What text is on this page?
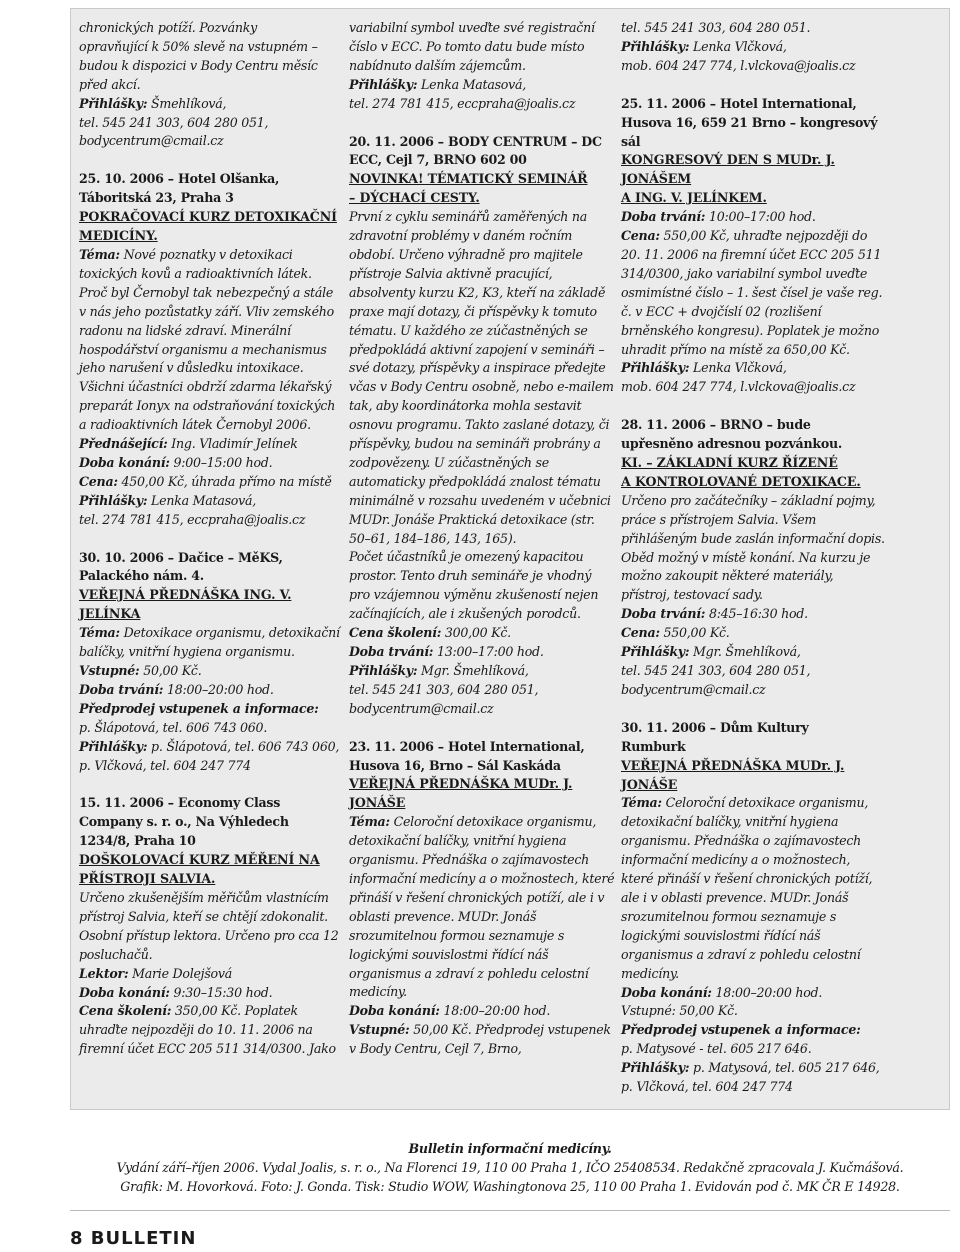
chronických potíží. Pozvánky
opravňující k 50% slevě na vstupném –
budou k dispozici v Body Centru měsíc
před akcí.
Přihlášky: Šmehlíková,
tel. 545 241 303, 604 280 051,
bodycentrum@cmail.cz
25. 10. 2006 – Hotel Olšanka,
Táboritská 23, Praha 3
POKRAČOVACÍ KURZ DETOXIKAČNÍ
MEDICÍNY.
Téma: Nové poznatky v detoxikaci toxických kovů a radioaktivních látek. Proč byl Černobyl tak nebezpečný a stále v nás jeho pozůstatky září. Vliv zemského radonu na lidské zdraví. Minerální hospodářství organismu a mechanismus jeho narušení v důsledku intoxikace. Všichni účastníci obdrží zdarma lékařský preparát Ionyx na odstraňování toxických a radioaktivních látek Černobyl 2006.
Přednášející: Ing. Vladimír Jelínek
Doba konání: 9:00–15:00 hod.
Cena: 450,00 Kč, úhrada přímo na místě
Přihlášky: Lenka Matasová,
tel. 274 781 415, eccpraha@joalis.cz
30. 10. 2006 – Dačice – MěKS,
Palackého nám. 4.
VEŘEJNÁ PŘEDNÁŠKA ING. V. JELÍNKA
Téma: Detoxikace organismu, detoxikační balíčky, vnitřní hygiena organismu.
Vstupné: 50,00 Kč.
Doba trvání: 18:00–20:00 hod.
Předprodej vstupenek a informace:
p. Šlápotová, tel. 606 743 060.
Přihlášky: p. Šlápotová, tel. 606 743 060,
p. Vlčková, tel. 604 247 774
15. 11. 2006 – Economy Class
Company s. r. o., Na Výhledech
1234/8, Praha 10
DOŠKOLOVACÍ KURZ MĚŘENÍ NA
PŘÍSTROJI SALVIA.
Určeno zkušenějším měřičům vlastnícím přístroj Salvia, kteří se chtějí zdokonalit. Osobní přístup lektora. Určeno pro cca 12 posluchačů.
Lektor: Marie Dolejšová
Doba konání: 9:30–15:30 hod.
Cena školení: 350,00 Kč. Poplatek uhraďte nejpozději do 10. 11. 2006 na firemní účet ECC 205 511 314/0300. Jako
variabilní symbol uveďte své registrační
číslo v ECC. Po tomto datu bude místo
nabídnuto dalším zájemcům.
Přihlášky: Lenka Matasová,
tel. 274 781 415, eccpraha@joalis.cz
20. 11. 2006 – BODY CENTRUM – DC
ECC, Cejl 7, BRNO 602 00
NOVINKA! TÉMATICKÝ SEMINÁŘ
– DÝCHACÍ CESTY.
První z cyklu seminářů zaměřených na zdravotní problémy v daném ročním období. Určeno výhradně pro majitele přístroje Salvia aktivně pracující, absolventy kurzu K2, K3, kteří na základě praxe mají dotazy, či příspěvky k tomuto tématu. U každého ze zúčastněných se předpokládá aktivní zapojení v semináři – své dotazy, příspěvky a inspirace předejte včas v Body Centru osobně, nebo e-mailem tak, aby koordinátorka mohla sestavit osnovu programu. Takto zaslané dotazy, či příspěvky, budou na semináři probrány a zodpovězeny. U zúčastněných se automaticky předpokládá znalost tématu minimálně v rozsahu uvedeném v učebnici MUDr. Jonáše Praktická detoxikace (str. 50–61, 184–186, 143, 165).
Počet účastníků je omezený kapacitou prostor. Tento druh semináře je vhodný pro vzájemnou výměnu zkušeností nejen začínajících, ale i zkušených porodců.
Cena školení: 300,00 Kč.
Doba trvání: 13:00–17:00 hod.
Přihlášky: Mgr. Šmehlíková,
tel. 545 241 303, 604 280 051,
bodycentrum@cmail.cz
23. 11. 2006 – Hotel International,
Husova 16, Brno – Sál Kaskáda
VEŘEJNÁ PŘEDNÁŠKA MUDr. J. JONÁŠE
Téma: Celoroční detoxikace organismu, detoxikační balíčky, vnitřní hygiena organismu. Přednáška o zajímavostech informační medicíny a o možnostech, které přináší v řešení chronických potíží, ale i v oblasti prevence. MUDr. Jonáš srozumitelnou formou seznamuje s logickými souvislostmi řídící náš organismus a zdraví z pohledu celostní medicíny.
Doba konání: 18:00–20:00 hod.
Vstupné: 50,00 Kč. Předprodej vstupenek
v Body Centru, Cejl 7, Brno,
tel. 545 241 303, 604 280 051.
Přihlášky: Lenka Vlčková,
mob. 604 247 774, l.vlckova@joalis.cz
25. 11. 2006 – Hotel International,
Husova 16, 659 21 Brno – kongresový
sál
KONGRESOVÝ DEN S MUDr. J. JONÁŠEM
A ING. V. JELÍNKEM.
Doba trvání: 10:00–17:00 hod.
Cena: 550,00 Kč, uhraďte nejpozději do 20. 11. 2006 na firemní účet ECC 205 511 314/0300, jako variabilní symbol uveďte osmimístné číslo – 1. šest čísel je vaše reg. č. v ECC + dvojčíslí 02 (rozlišení brněnského kongresu). Poplatek je možno uhradit přímo na místě za 650,00 Kč.
Přihlášky: Lenka Vlčková,
mob. 604 247 774, l.vlckova@joalis.cz
28. 11. 2006 – BRNO – bude
upřesněno adresnou pozvánkou.
KI. – ZÁKLADNÍ KURZ ŘÍZENÉ
A KONTROLOVANÉ DETOXIKACE.
Určeno pro začátečníky – základní pojmy, práce s přístrojem Salvia. Všem přihlášeným bude zaslán informační dopis. Oběd možný v místě konání. Na kurzu je možno zakoupit některé materiály, přístroj, testovací sady.
Doba trvání: 8:45–16:30 hod.
Cena: 550,00 Kč.
Přihlášky: Mgr. Šmehlíková,
tel. 545 241 303, 604 280 051,
bodycentrum@cmail.cz
30. 11. 2006 – Dům Kultury
Rumburk
VEŘEJNÁ PŘEDNÁŠKA MUDr. J. JONÁŠE
Téma: Celoroční detoxikace organismu, detoxikační balíčky, vnitřní hygiena organismu. Přednáška o zajímavostech informační medicíny a o možnostech, které přináší v řešení chronických potíží, ale i v oblasti prevence. MUDr. Jonáš srozumitelnou formou seznamuje s logickými souvislostmi řídící náš organismus a zdraví z pohledu celostní medicíny.
Doba konání: 18:00–20:00 hod.
Vstupné: 50,00 Kč.
Předprodej vstupenek a informace:
p. Matysové - tel. 605 217 646.
Přihlášky: p. Matysová, tel. 605 217 646,
p. Vlčková, tel. 604 247 774
Bulletin informační medicíny.
Vydání září–říjen 2006. Vydal Joalis, s. r. o., Na Florenci 19, 110 00 Praha 1, IČO 25408534. Redakčně zpracovala J. Kučmášová.
Grafik: M. Hovorková. Foto: J. Gonda. Tisk: Studio WOW, Washingtonova 25, 110 00 Praha 1. Evidován pod č. MK ČR E 14928.
8 BULLETIN
